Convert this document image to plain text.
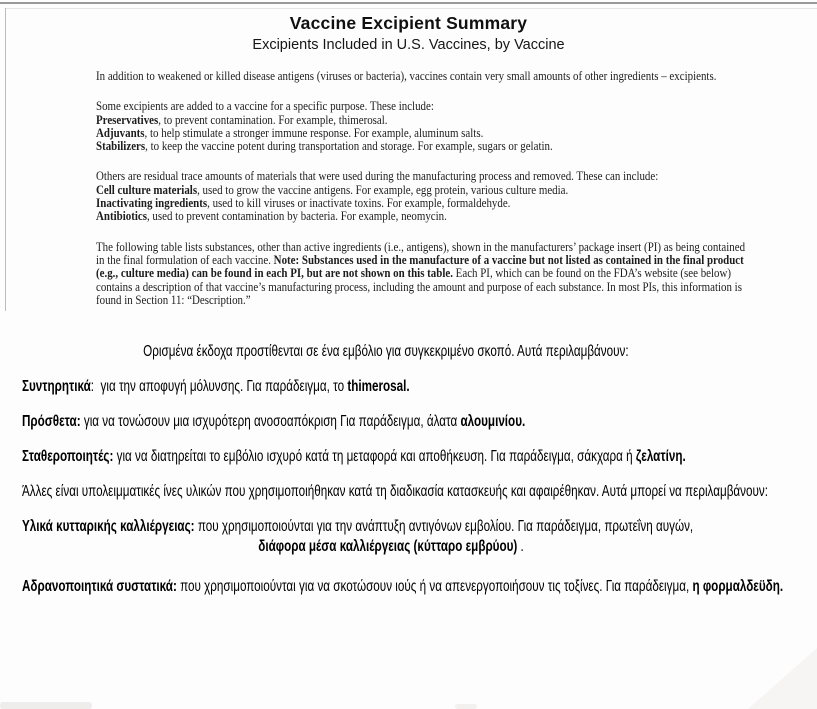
Vaccine Excipient Summary
Excipients Included in U.S. Vaccines, by Vaccine
In addition to weakened or killed disease antigens (viruses or bacteria), vaccines contain very small amounts of other ingredients – excipients.
Some excipients are added to a vaccine for a specific purpose. These include:
Preservatives, to prevent contamination. For example, thimerosal.
Adjuvants, to help stimulate a stronger immune response. For example, aluminum salts.
Stabilizers, to keep the vaccine potent during transportation and storage. For example, sugars or gelatin.
Others are residual trace amounts of materials that were used during the manufacturing process and removed. These can include:
Cell culture materials, used to grow the vaccine antigens. For example, egg protein, various culture media.
Inactivating ingredients, used to kill viruses or inactivate toxins. For example, formaldehyde.
Antibiotics, used to prevent contamination by bacteria. For example, neomycin.
The following table lists substances, other than active ingredients (i.e., antigens), shown in the manufacturers’ package insert (PI) as being contained in the final formulation of each vaccine. Note: Substances used in the manufacture of a vaccine but not listed as contained in the final product (e.g., culture media) can be found in each PI, but are not shown on this table. Each PI, which can be found on the FDA’s website (see below) contains a description of that vaccine’s manufacturing process, including the amount and purpose of each substance. In most PIs, this information is found in Section 11: “Description.”
Ορισμένα έκδοχα προστίθενται σε ένα εμβόλιο για συγκεκριμένο σκοπό. Αυτά περιλαμβάνουν:
Συντηρητικά:  για την αποφυγή μόλυνσης. Για παράδειγμα, το thimerosal.
Πρόσθετα: για να τονώσουν μια ισχυρότερη ανοσοαπόκριση Για παράδειγμα, άλατα αλουμινίου.
Σταθεροποιητές: για να διατηρείται το εμβόλιο ισχυρό κατά τη μεταφορά και αποθήκευση. Για παράδειγμα, σάκχαρα ή ζελατίνη.
Άλλες είναι υπολειμματικές ίνες υλικών που χρησιμοποιήθηκαν κατά τη διαδικασία κατασκευής και αφαιρέθηκαν. Αυτά μπορεί να περιλαμβάνουν:
Υλικά κυτταρικής καλλιέργειας: που χρησιμοποιούνται για την ανάπτυξη αντιγόνων εμβολίου. Για παράδειγμα, πρωτεΐνη αυγών,
διάφορα μέσα καλλιέργειας (κύτταρο εμβρύου) .
Αδρανοποιητικά συστατικά: που χρησιμοποιούνται για να σκοτώσουν ιούς ή να απενεργοποιήσουν τις τοξίνες. Για παράδειγμα, η φορμαλδεϋδη.
